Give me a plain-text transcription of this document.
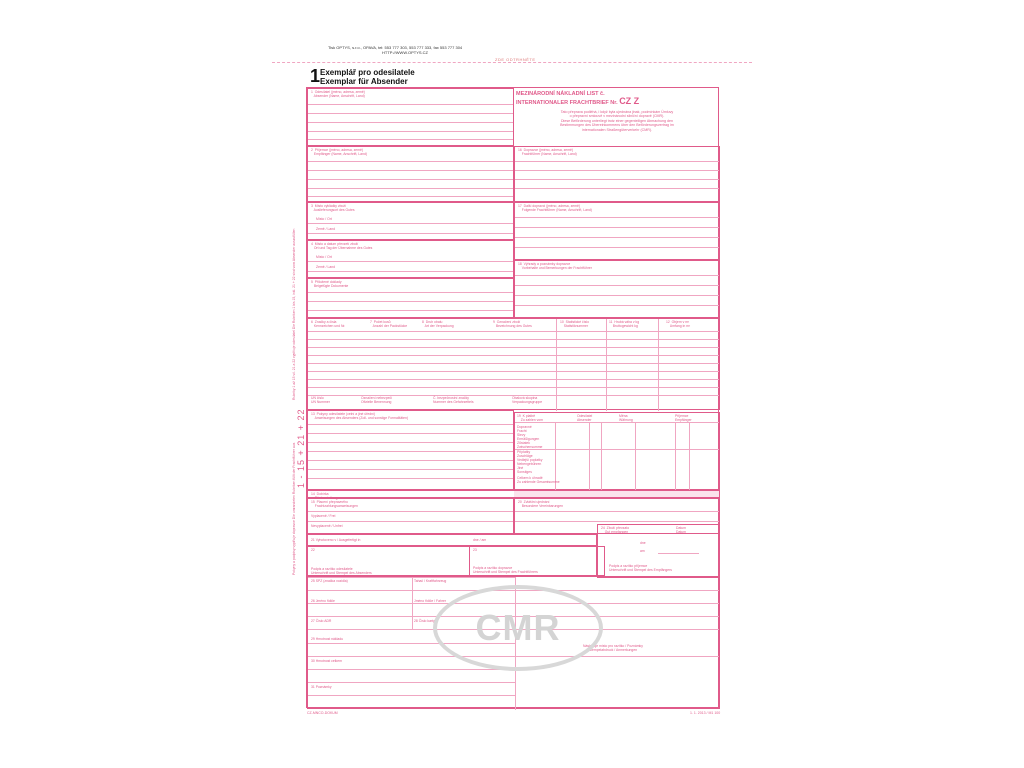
Tisk OPTYS, s.r.o., OPAVA, tel: 553 777 303, 553 777 333, fax 553 777 304
HTTP://WWW.OPTYS.CZ
ZDE ODTRHNĚTE
1 Exemplář pro odesilatele
Exemplar für Absender
Rubriky 1 až 15 vč. 21 a 22 vyplňuje odesílatel Die Rubriken 1 bis 15, inkl. 21 + 22 sind vom Absender auszufüllen
1 - 15 + 21 + 22
Pokyny a podpisy vyplňuje dopravce Die umrandeten Rubriken füllt der Frachtführer aus
1  Odesílatel (jméno, adresa, země)
Absender (Name, Anschrift, Land)	MEZINÁRODNÍ NÁKLADNÍ LIST č.
INTERNATIONALER FRACHTBRIEF Nr. CZ Z
Tato přeprava podléhá, i když byla ujednána jinak, podmínkám Úmluvy
o přepravní smlouvě v mezinárodní silniční dopravě (CMR).
Diese Beförderung unterliegt trotz einer gegenteiligen Abmachung den
Bestimmungen des Übereinkommens über den Beförderungsvertrag im
internationalen Straßengüterverkehr (CMR).
2  Příjemce (jméno, adresa, země)
Empfänger (Name, Anschrift, Land)
16  Dopravce (jméno, adresa, země)
Frachtführer (Name, Anschrift, Land)
3  Místo vykládky zboží
Auslieferungsort des Gutes
Místo / Ort
Země / Land
17  Další dopravci (jméno, adresa, země)
Folgende Frachtführer (Name, Anschrift, Land)
4  Místo a datum převzetí zboží
Ort und Tag der Übernahme des Gutes
Místo / Ort
Země / Land
5  Přiložené doklady
Beigefügte Dokumente
18  Výhrady a poznámky dopravce
Vorbehalte und Bemerkungen der Frachtführer
6  Značky a čísla
Kennzeichen und Nr.
7  Počet kusů
Anzahl der Packstücke
8  Druh obalu
Art der Verpackung
9  Označení zboží
Bezeichnung des Gutes
10  Statistické číslo
Statistiknummer
11  Hrubá váha v kg
Bruttogewicht kg
12  Objem v m³
Umfang in m³
UN číslo
UN Nummer
Označení nebezpečí
Ofizielle Benennung
Č. bezpečnostní značky
Nummer des Gefahrzettels
Obalová skupina
Verpackungsgruppe
13  Pokyny odesílatele (celní a jiné úřední)
Anweisungen des Absenders (Zoll- und sonstige Formalitäten)	19  K platbě
Zu zahlen vom
Odesílatel
Absender
Měna
Währung
Příjemce
Empfänger
Dopravné
Fracht
Slevy
Ermäßigungen
Zůstatek
Zwischensumme
Příplatky
Zuschläge
Vedlejší poplatky
Nebengebühren
Jiné
Sonstiges
Celkem k úhradě
Zu zahlende Gesamtsumme
14  Dobírka
Rückerstattung
15  Placení přepravného
Frachtzahlungsanweisungen
Vyplaceně / Frei
Nevyplaceně / Unfrei
20  Zvláštní ujednání
Besondere Vereinbarungen
21 Vyhotoveno v / Ausgefertigt in	dne / am
24  Zboží převzato
Gut empfangen
Datum
Datum
dne
am
22
Podpis a razítko odesílatele
Unterschrift und Stempel des Absenders
23
Podpis a razítko dopravce
Unterschrift und Stempel des Frachtführers
Podpis a razítko příjemce
Unterschrift und Stempel des Empfängers
25 SPZ (značka vozidla)	Tahač / Kraftfahrzeug
26 Jméno řidiče	Jméno řidiče / Fahrer
27 Číslo ADR	28 Číslo karty
29 Hmotnost nákladu
30 Hmotnost celkem
31 Poznámky
Následuje místo pro razítko / Poznámky
Stempelabdruck / Anmerkungen
CMR
CZ-MNCO-DOKUM	1. 1. 2013 / M1 100
